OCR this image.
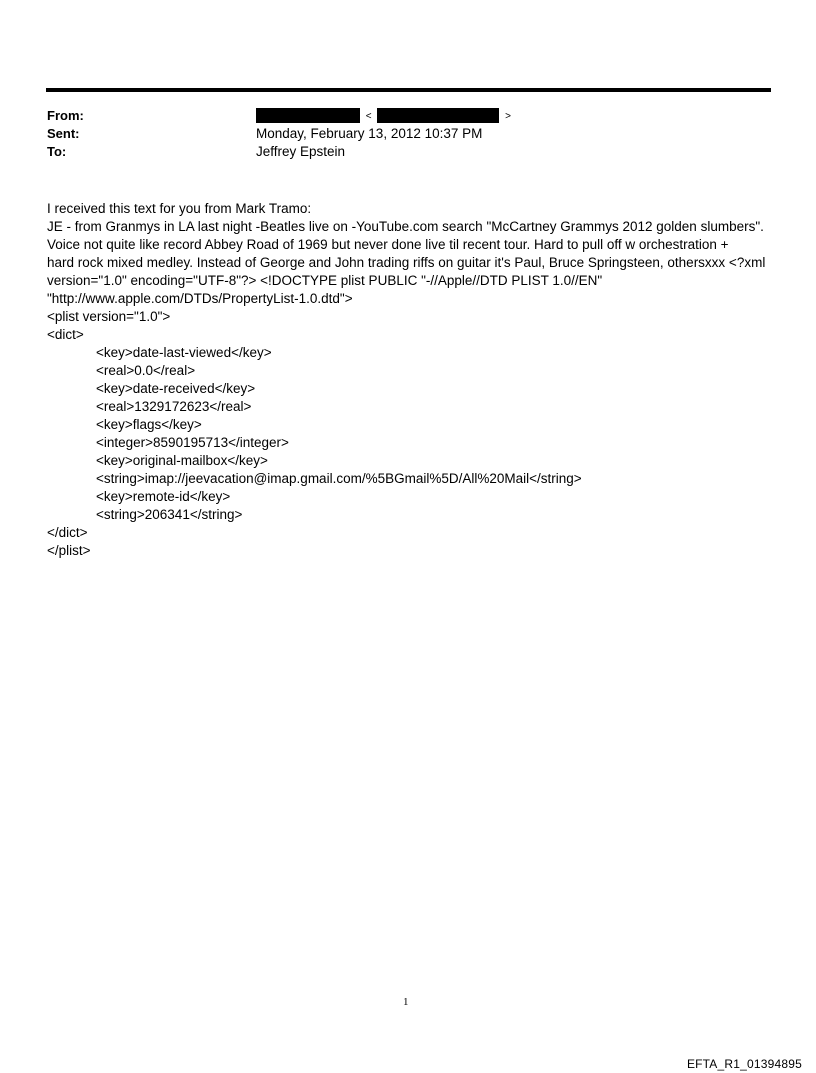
From:
Sent:
To:
<	>
Monday, February 13, 2012 10:37 PM
Jeffrey Epstein

I received this text for you from Mark Tramo:

JE - from Granmys in LA last night -Beatles live on -YouTube.com search "McCartney Grammys 2012 golden slumbers".

Voice not quite like record Abbey Road of 1969 but never done live til recent tour. Hard to pull off w orchestration +

hard rock mixed medley. Instead of George and John trading riffs on guitar it's Paul, Bruce Springsteen, othersxxx <?xml

version="1.0" encoding="UTF-8"?> <!DOCTYPE plist PUBLIC "-//Apple//DTD PLIST 1.0//EN"

"http://www.apple.com/DTDs/PropertyList-1.0.dtd">

<plist version="1.0">

<dict>

<key>date-last-viewed</key>

<real>0.0</real>

<key>date-received</key>

<real>1329172623</real>

<key>flags</key>

<integer>8590195713</integer>

<key>original-mailbox</key>

<string>imap://jeevacation@imap.gmail.com/%5BGmail%5D/All%20Mail</string>

<key>remote-id</key>

<string>206341</string>

</dict>

</plist>

1
EFTA_R1_01394895
